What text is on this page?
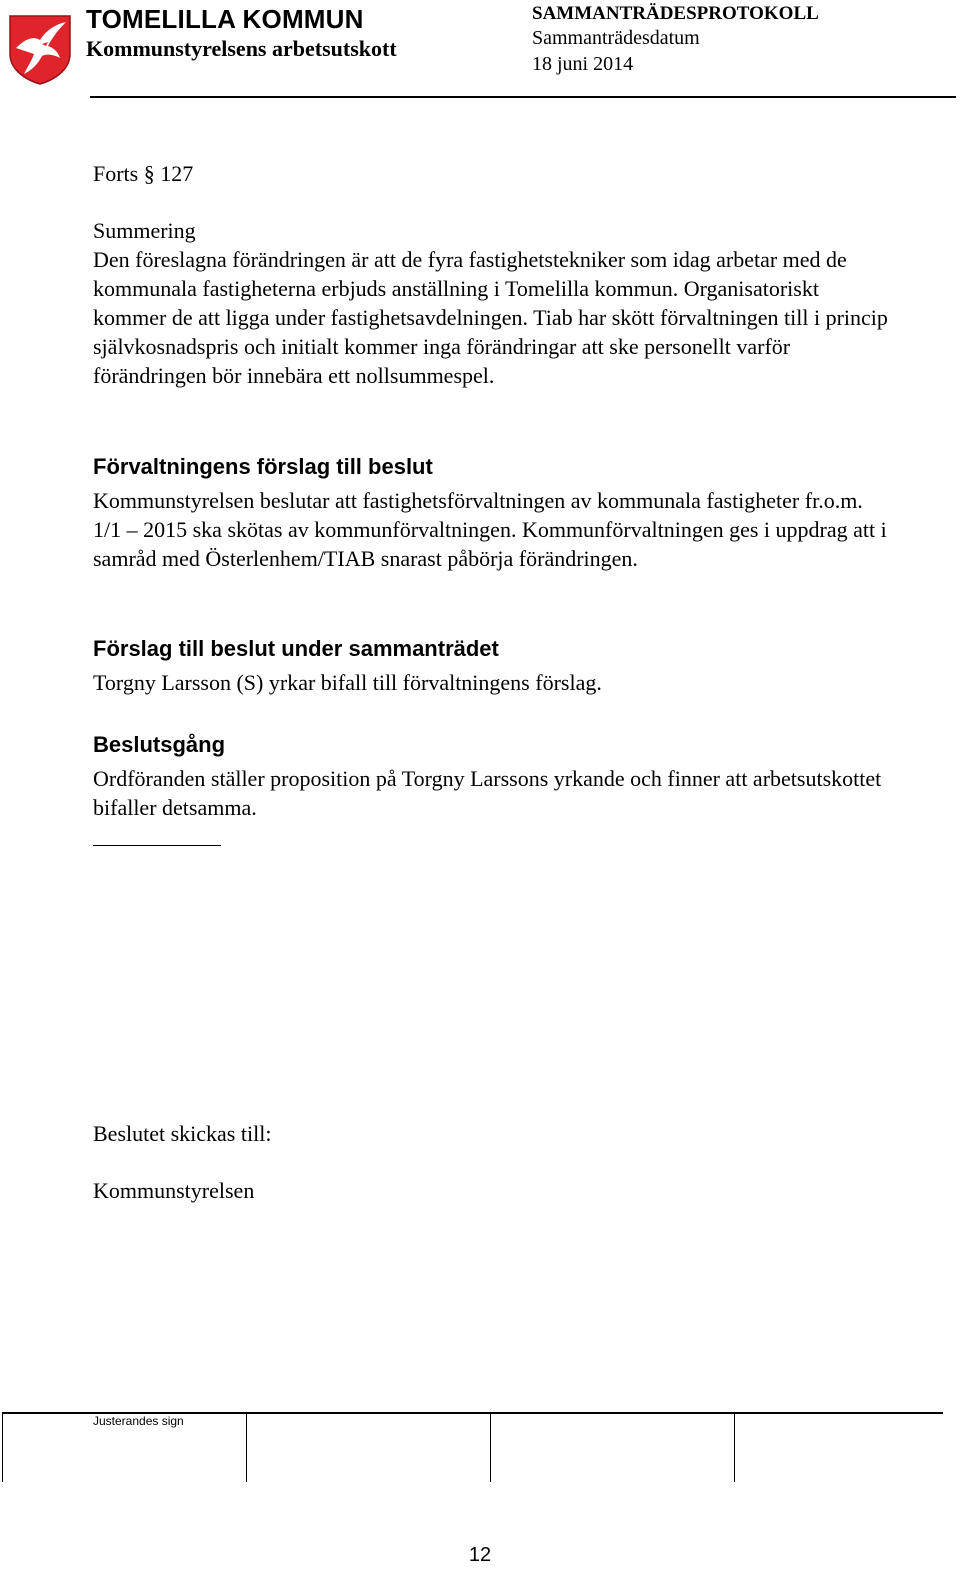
TOMELILLA KOMMUN
Kommunstyrelsens arbetsutskott
SAMMANTRÄDESPROTOKOLL
Sammanträdesdatum
18 juni 2014
Forts § 127
Summering
Den föreslagna förändringen är att de fyra fastighetstekniker som idag arbetar med de kommunala fastigheterna erbjuds anställning i Tomelilla kommun. Organisatoriskt kommer de att ligga under fastighetsavdelningen. Tiab har skött förvaltningen till i princip självkosnadspris och initialt kommer inga förändringar att ske personellt varför förändringen bör innebära ett nollsummespel.
Förvaltningens förslag till beslut
Kommunstyrelsen beslutar att fastighetsförvaltningen av kommunala fastigheter fr.o.m. 1/1 – 2015 ska skötas av kommunförvaltningen. Kommunförvaltningen ges i uppdrag att i samråd med Österlenhem/TIAB snarast påbörja förändringen.
Förslag till beslut under sammanträdet
Torgny Larsson (S) yrkar bifall till förvaltningens förslag.
Beslutsgång
Ordföranden ställer proposition på Torgny Larssons yrkande och finner att arbetsutskottet bifaller detsamma.
Beslutet skickas till:
Kommunstyrelsen
Justerandes sign
12
